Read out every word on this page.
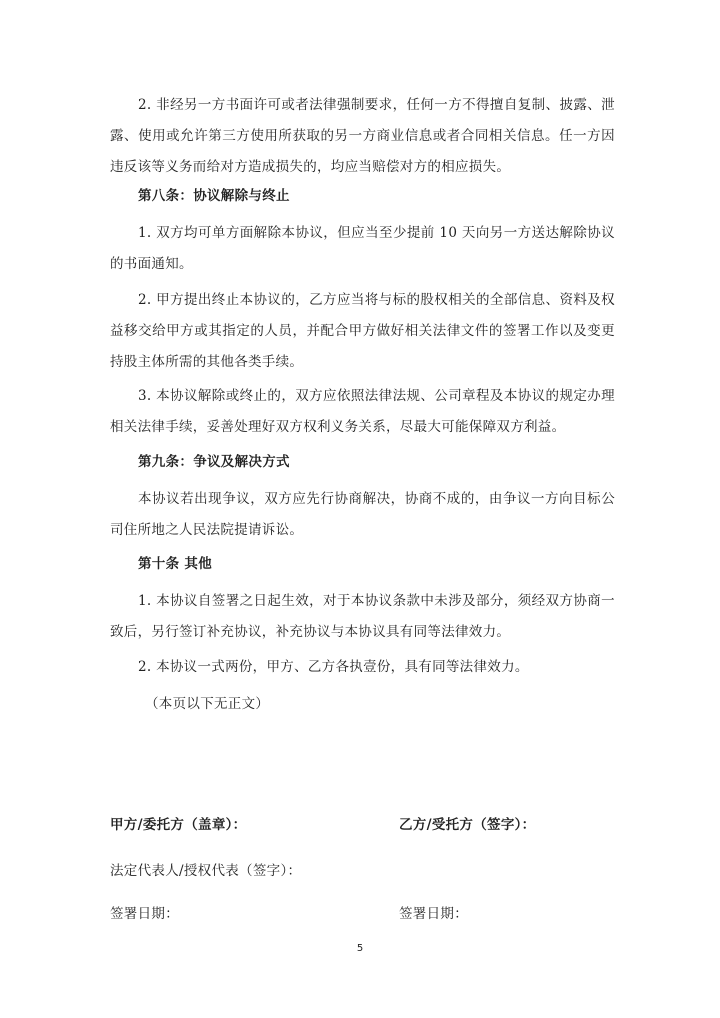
2. 非经另一方书面许可或者法律强制要求，任何一方不得擅自复制、披露、泄露、使用或允许第三方使用所获取的另一方商业信息或者合同相关信息。任一方因违反该等义务而给对方造成损失的，均应当赔偿对方的相应损失。

第八条：协议解除与终止

1. 双方均可单方面解除本协议，但应当至少提前 10 天向另一方送达解除协议的书面通知。

2. 甲方提出终止本协议的，乙方应当将与标的股权相关的全部信息、资料及权益移交给甲方或其指定的人员，并配合甲方做好相关法律文件的签署工作以及变更持股主体所需的其他各类手续。

3. 本协议解除或终止的，双方应依照法律法规、公司章程及本协议的规定办理相关法律手续，妥善处理好双方权利义务关系，尽最大可能保障双方利益。

第九条：争议及解决方式

本协议若出现争议，双方应先行协商解决，协商不成的，由争议一方向目标公司住所地之人民法院提请诉讼。

第十条 其他

1. 本协议自签署之日起生效，对于本协议条款中未涉及部分，须经双方协商一致后，另行签订补充协议，补充协议与本协议具有同等法律效力。

2. 本协议一式两份，甲方、乙方各执壹份，具有同等法律效力。

（本页以下无正文）

甲方/委托方（盖章）：	乙方/受托方（签字）：

法定代表人/授权代表（签字）：

签署日期：	签署日期：

5
